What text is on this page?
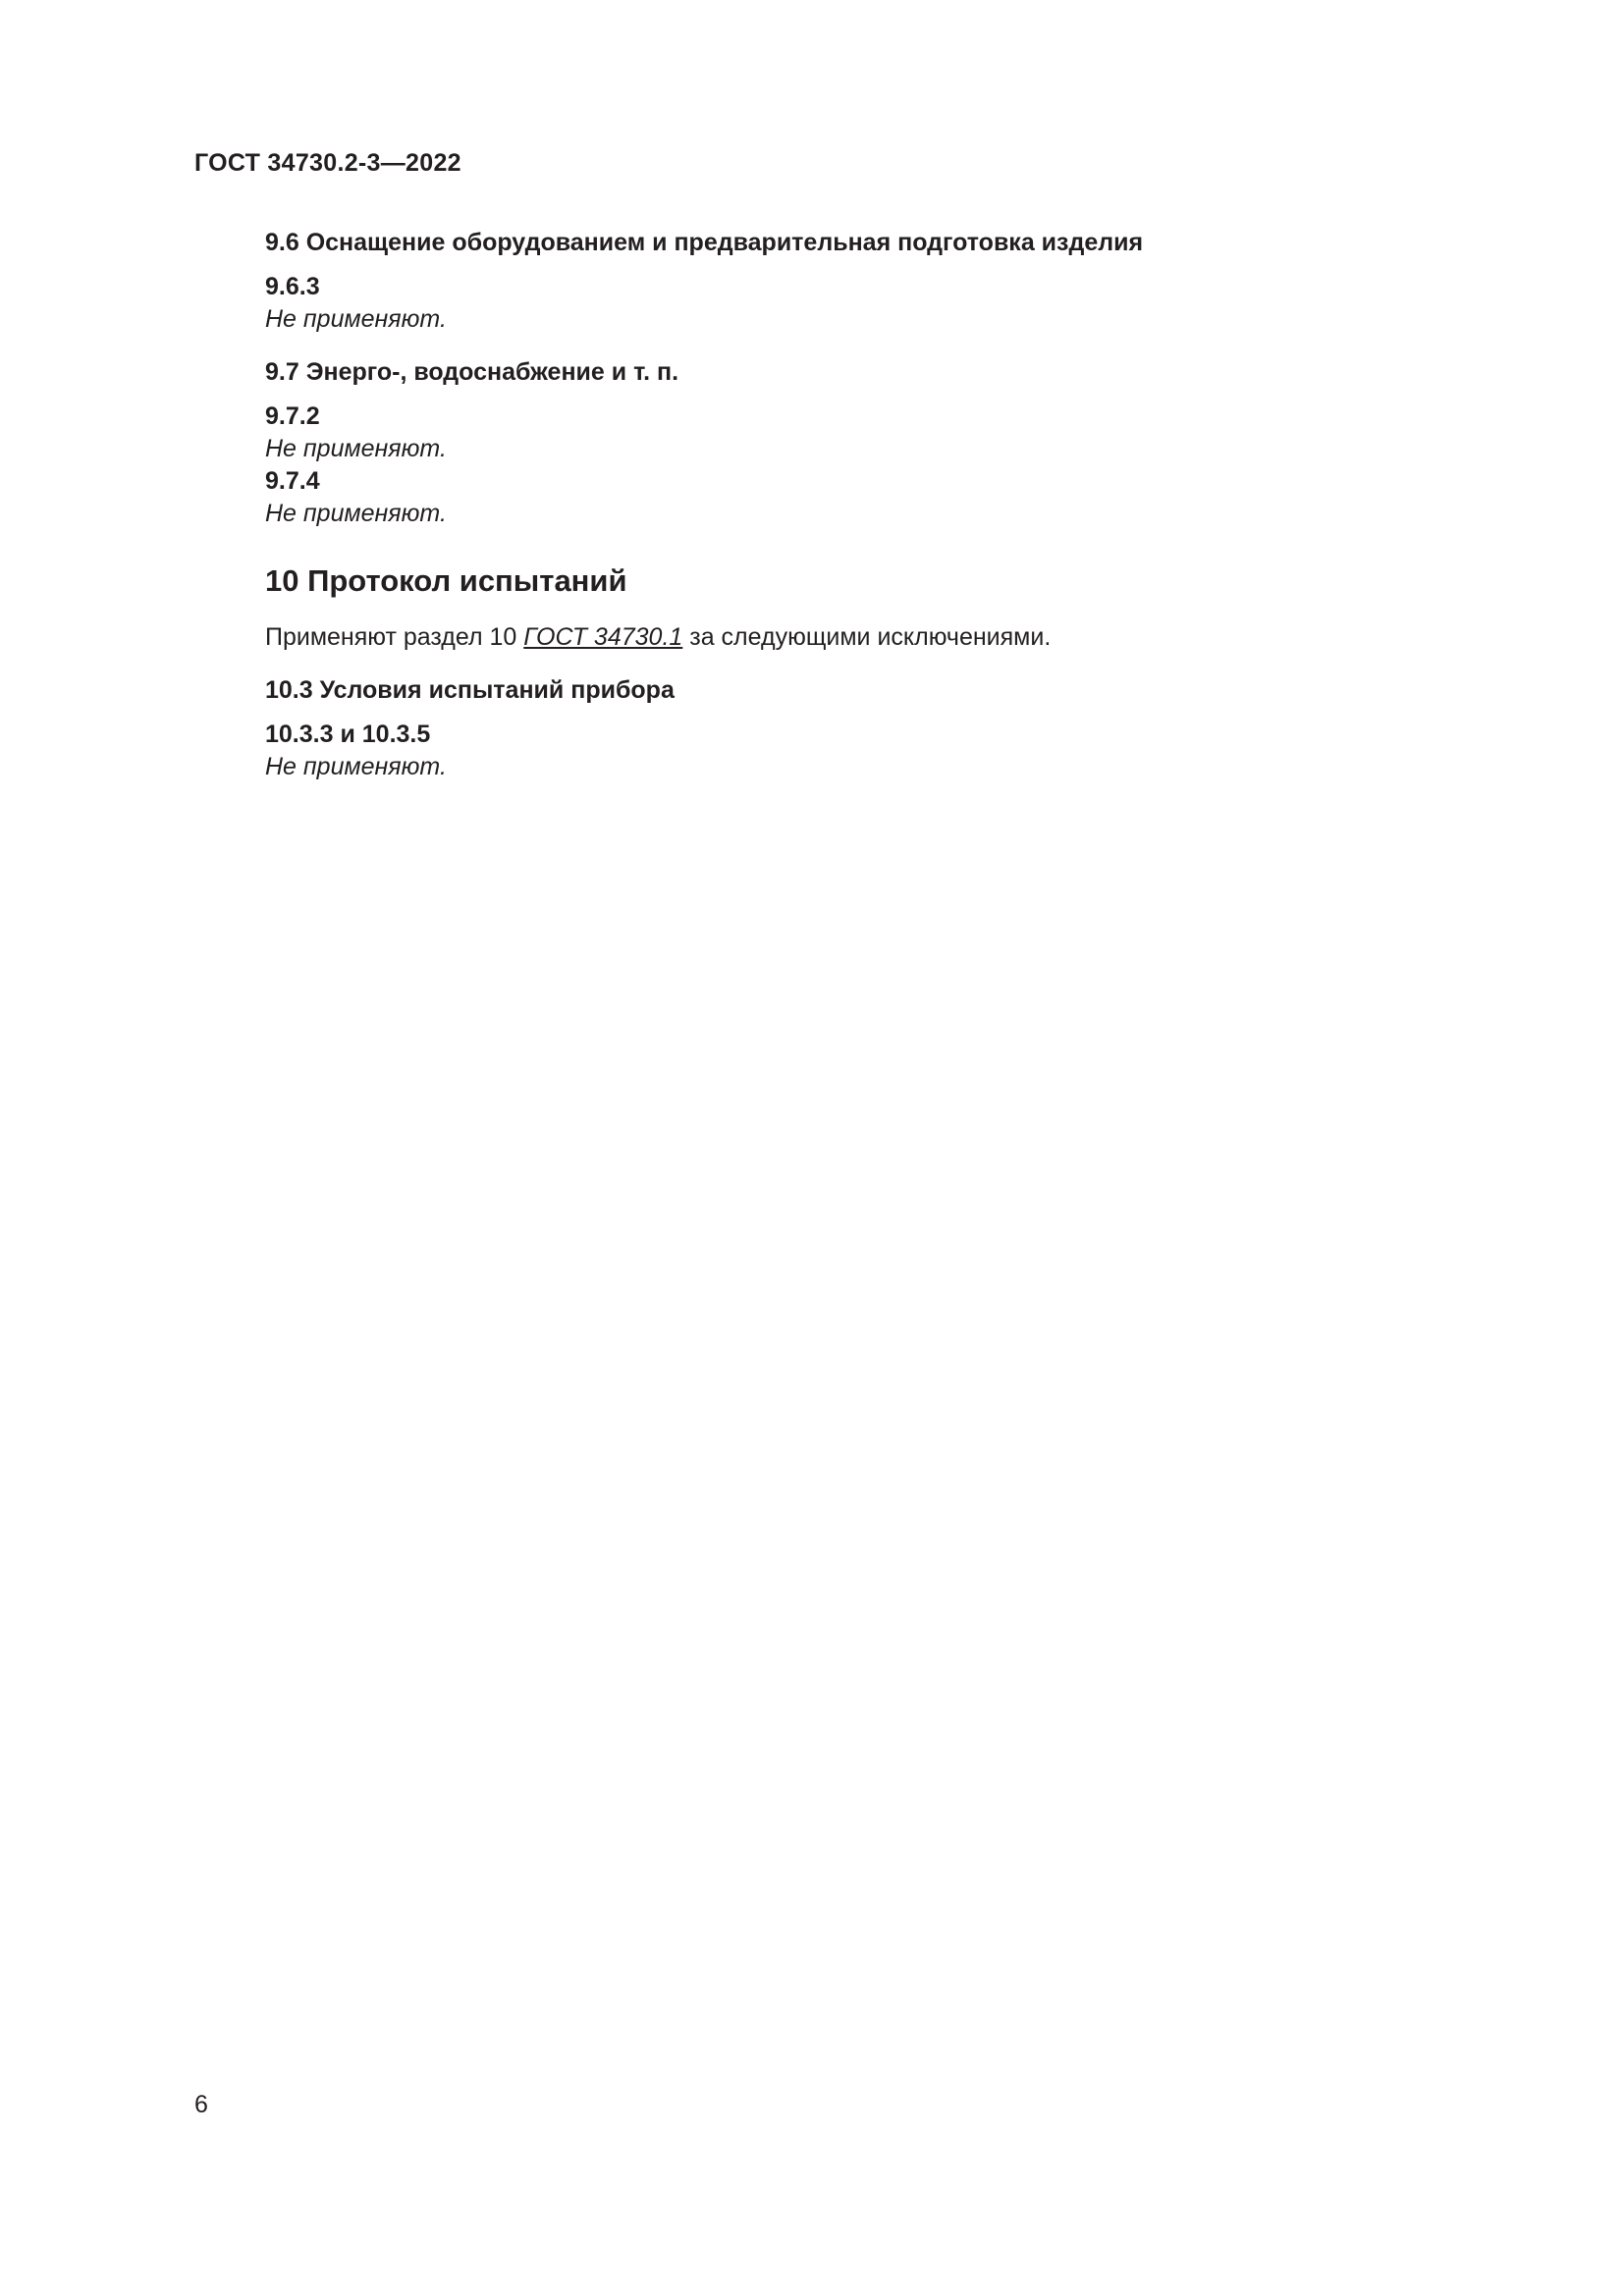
ГОСТ 34730.2-3—2022

9.6 Оснащение оборудованием и предварительная подготовка изделия

9.6.3

Не применяют.

9.7 Энерго-, водоснабжение и т. п.

9.7.2

Не применяют.

9.7.4

Не применяют.

10 Протокол испытаний

Применяют раздел 10 ГОСТ 34730.1 за следующими исключениями.

10.3 Условия испытаний прибора

10.3.3 и 10.3.5

Не применяют.

6
